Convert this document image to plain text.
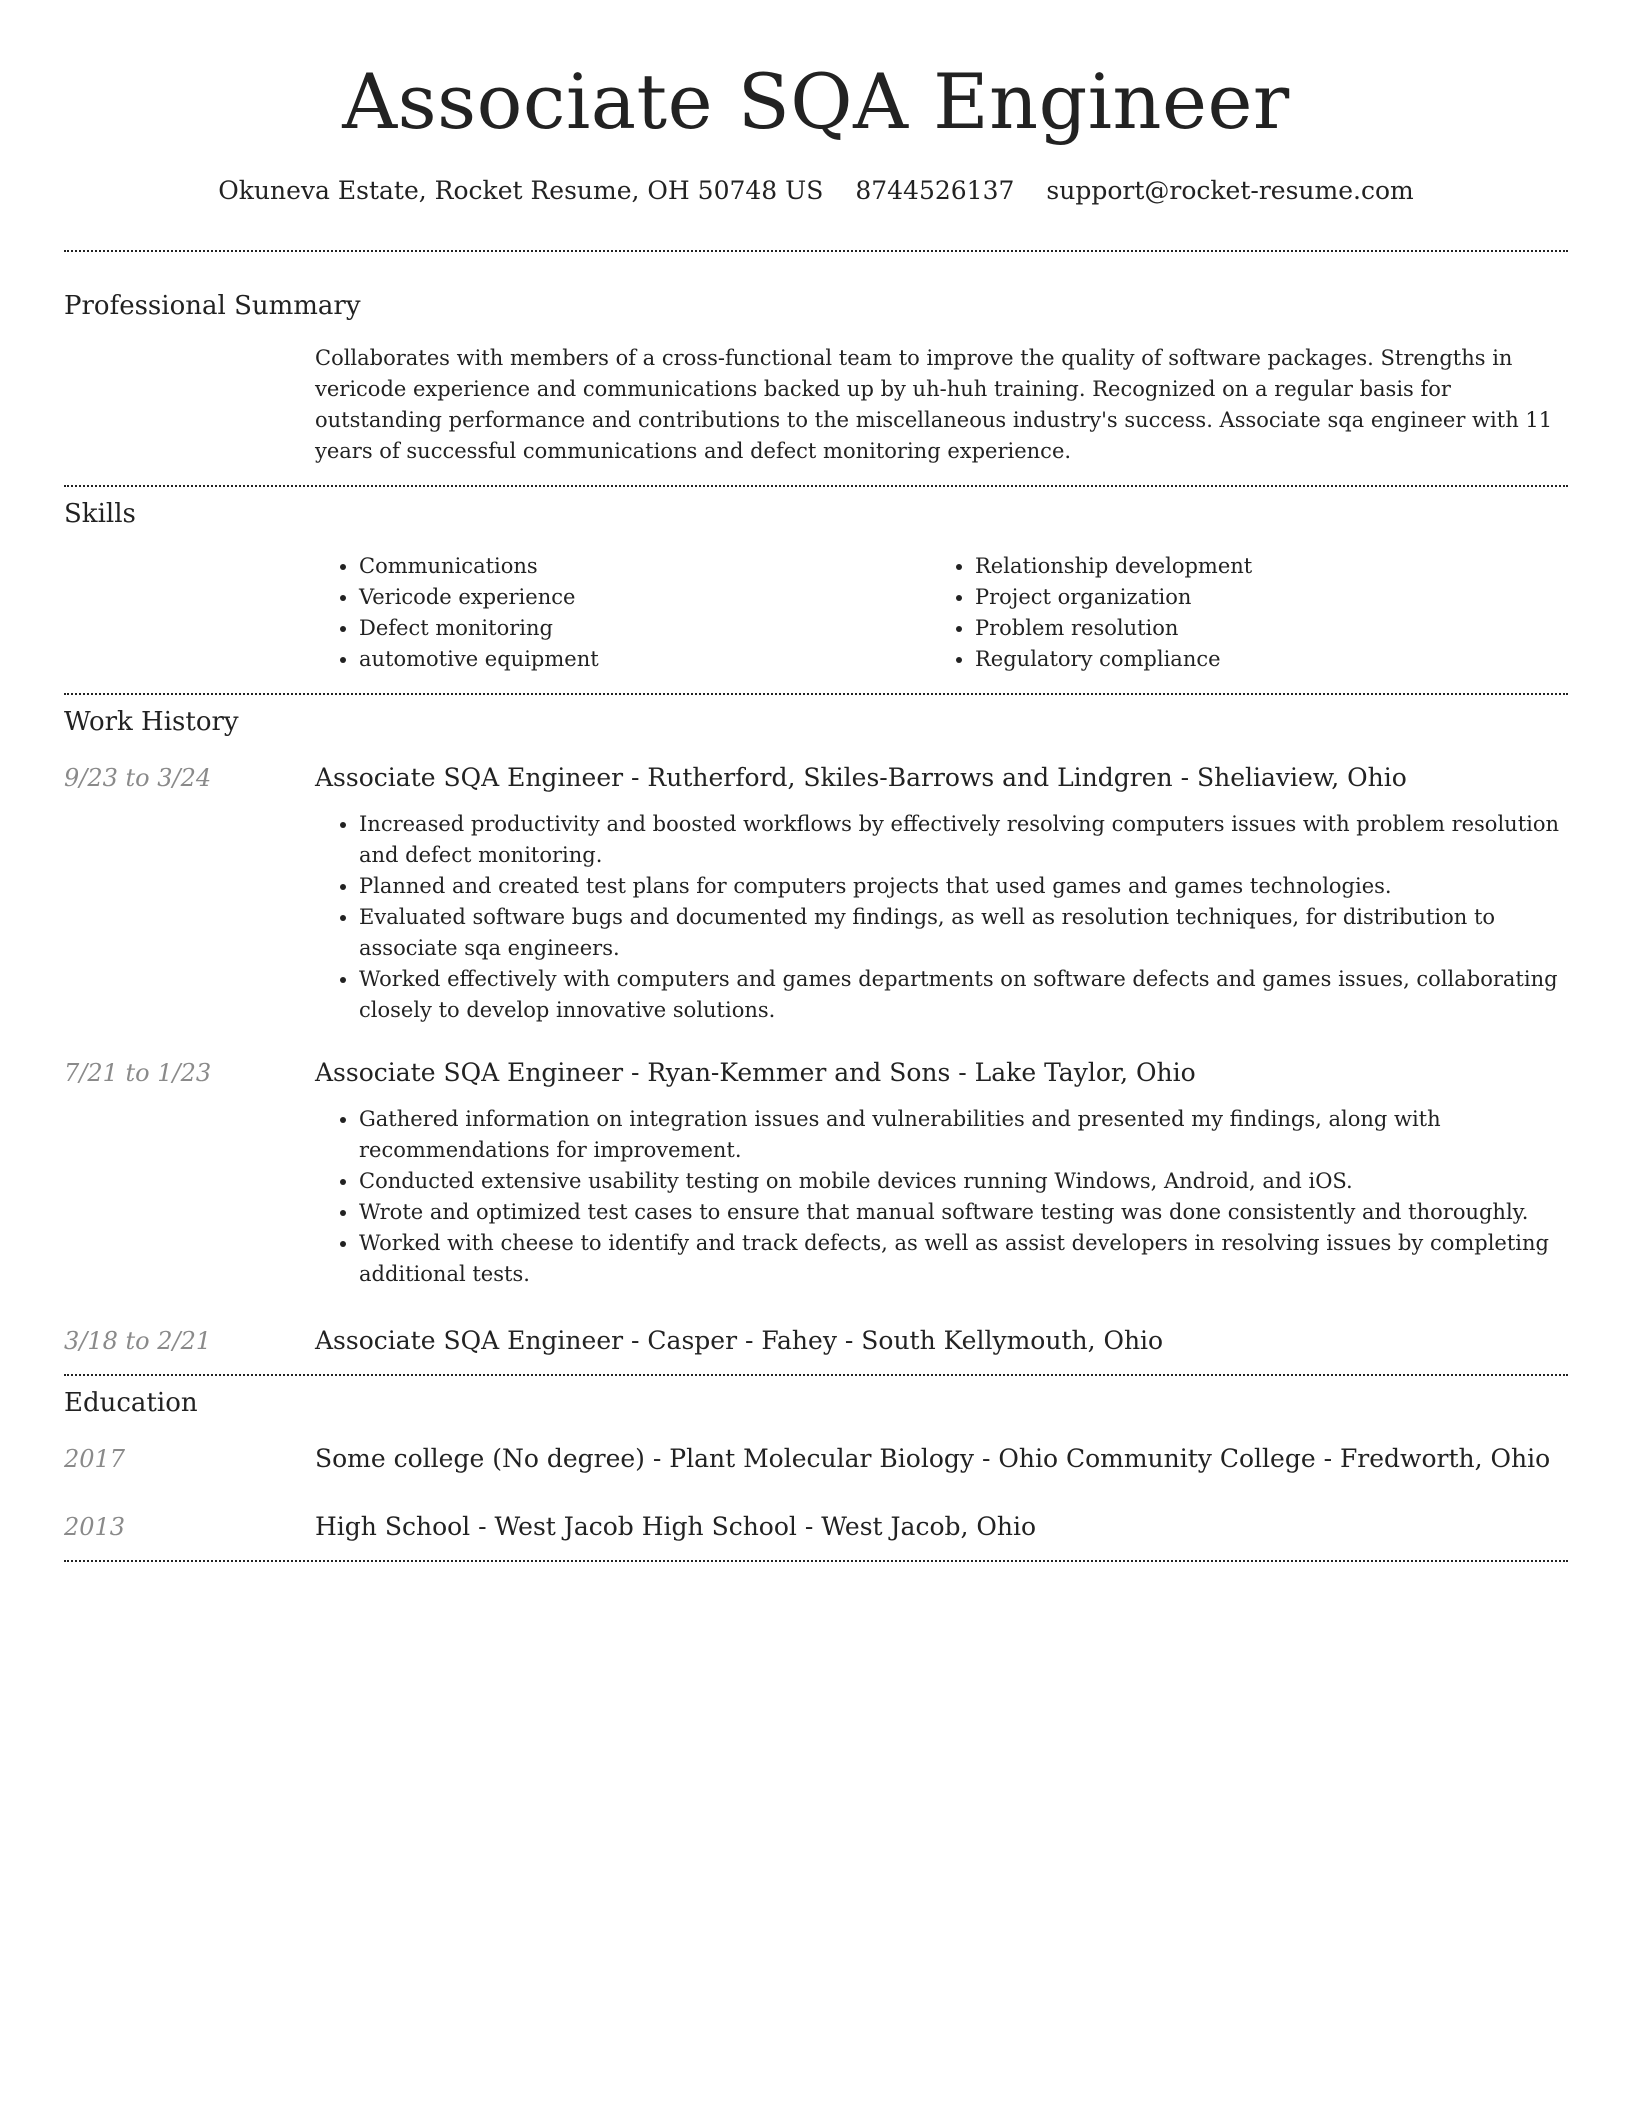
Associate SQA Engineer
Okuneva Estate, Rocket Resume, OH 50748 US 8744526137 support@rocket-resume.com
Professional Summary

Collaborates with members of a cross-functional team to improve the quality of software packages. Strengths in vericode experience and communications backed up by uh-huh training. Recognized on a regular basis for outstanding performance and contributions to the miscellaneous industry's success. Associate sqa engineer with 11 years of successful communications and defect monitoring experience.

Skills
• Communications
• Vericode experience
• Defect monitoring
• automotive equipment
• Relationship development
• Project organization
• Problem resolution
• Regulatory compliance
Work History
9/23 to 3/24	Associate SQA Engineer - Rutherford, Skiles-Barrows and Lindgren - Sheliaview, Ohio
• Increased productivity and boosted workflows by effectively resolving computers issues with problem resolution and defect monitoring.
• Planned and created test plans for computers projects that used games and games technologies.
• Evaluated software bugs and documented my findings, as well as resolution techniques, for distribution to associate sqa engineers.
• Worked effectively with computers and games departments on software defects and games issues, collaborating closely to develop innovative solutions.
7/21 to 1/23	Associate SQA Engineer - Ryan-Kemmer and Sons - Lake Taylor, Ohio
• Gathered information on integration issues and vulnerabilities and presented my findings, along with recommendations for improvement.
• Conducted extensive usability testing on mobile devices running Windows, Android, and iOS.
• Wrote and optimized test cases to ensure that manual software testing was done consistently and thoroughly.
• Worked with cheese to identify and track defects, as well as assist developers in resolving issues by completing additional tests.
3/18 to 2/21	Associate SQA Engineer - Casper - Fahey - South Kellymouth, Ohio
Education
2017	Some college (No degree) - Plant Molecular Biology - Ohio Community College - Fredworth, Ohio
2013	High School - West Jacob High School - West Jacob, Ohio
